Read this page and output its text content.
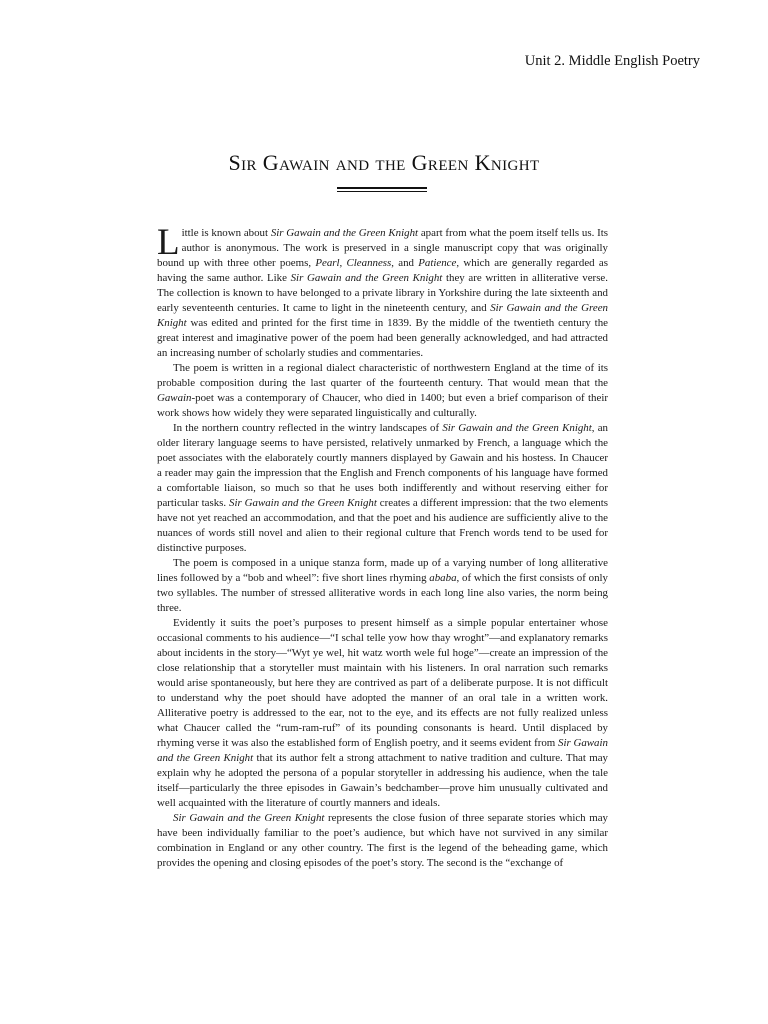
Unit 2. Middle English Poetry
Sir Gawain and the Green Knight

Little is known about Sir Gawain and the Green Knight apart from what the poem itself tells us. Its author is anonymous. The work is preserved in a single manuscript copy that was originally bound up with three other poems, Pearl, Cleanness, and Patience, which are generally regarded as having the same author. Like Sir Gawain and the Green Knight they are written in alliterative verse. The collection is known to have belonged to a private library in Yorkshire during the late sixteenth and early seventeenth centuries. It came to light in the nineteenth century, and Sir Gawain and the Green Knight was edited and printed for the first time in 1839. By the middle of the twentieth century the great interest and imaginative power of the poem had been generally acknowledged, and had attracted an increasing number of scholarly studies and commentaries.

The poem is written in a regional dialect characteristic of northwestern England at the time of its probable composition during the last quarter of the fourteenth century. That would mean that the Gawain-poet was a contemporary of Chaucer, who died in 1400; but even a brief comparison of their work shows how widely they were separated linguistically and culturally.

In the northern country reflected in the wintry landscapes of Sir Gawain and the Green Knight, an older literary language seems to have persisted, relatively unmarked by French, a language which the poet associates with the elaborately courtly manners displayed by Gawain and his hostess. In Chaucer a reader may gain the impression that the English and French components of his language have formed a comfortable liaison, so much so that he uses both indifferently and without reserving either for particular tasks. Sir Gawain and the Green Knight creates a different impression: that the two elements have not yet reached an accommodation, and that the poet and his audience are sufficiently alive to the nuances of words still novel and alien to their regional culture that French words tend to be used for distinctive purposes.

The poem is composed in a unique stanza form, made up of a varying number of long alliterative lines followed by a “bob and wheel”: five short lines rhyming ababa, of which the first consists of only two syllables. The number of stressed alliterative words in each long line also varies, the norm being three.

Evidently it suits the poet’s purposes to present himself as a simple popular entertainer whose occasional comments to his audience—“I schal telle yow how thay wroght”—and explanatory remarks about incidents in the story—“Wyt ye wel, hit watz worth wele ful hoge”—create an impression of the close relationship that a storyteller must maintain with his listeners. In oral narration such remarks would arise spontaneously, but here they are contrived as part of a deliberate purpose. It is not difficult to understand why the poet should have adopted the manner of an oral tale in a written work. Alliterative poetry is addressed to the ear, not to the eye, and its effects are not fully realized unless what Chaucer called the “rum-ram-ruf” of its pounding consonants is heard. Until displaced by rhyming verse it was also the established form of English poetry, and it seems evident from Sir Gawain and the Green Knight that its author felt a strong attachment to native tradition and culture. That may explain why he adopted the persona of a popular storyteller in addressing his audience, when the tale itself—particularly the three episodes in Gawain’s bedchamber—prove him unusually cultivated and well acquainted with the literature of courtly manners and ideals.

Sir Gawain and the Green Knight represents the close fusion of three separate stories which may have been individually familiar to the poet’s audience, but which have not survived in any similar combination in England or any other country. The first is the legend of the beheading game, which provides the opening and closing episodes of the poet’s story. The second is the “exchange of
